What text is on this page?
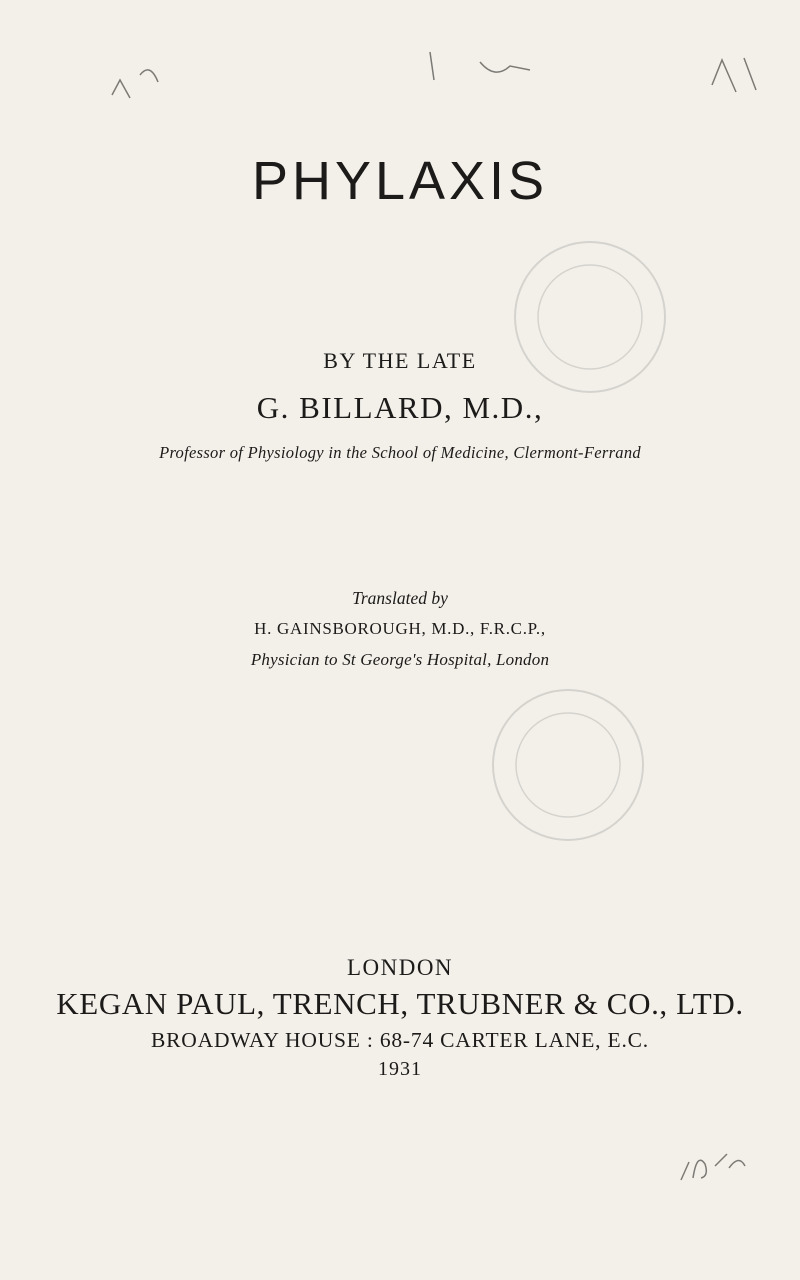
PHYLAXIS
BY THE LATE
G. BILLARD, M.D.,
Professor of Physiology in the School of Medicine, Clermont-Ferrand
Translated by
H. GAINSBOROUGH, M.D., F.R.C.P.,
Physician to St George's Hospital, London
LONDON
KEGAN PAUL, TRENCH, TRUBNER & CO., LTD.
BROADWAY HOUSE : 68-74 CARTER LANE, E.C.
1931
